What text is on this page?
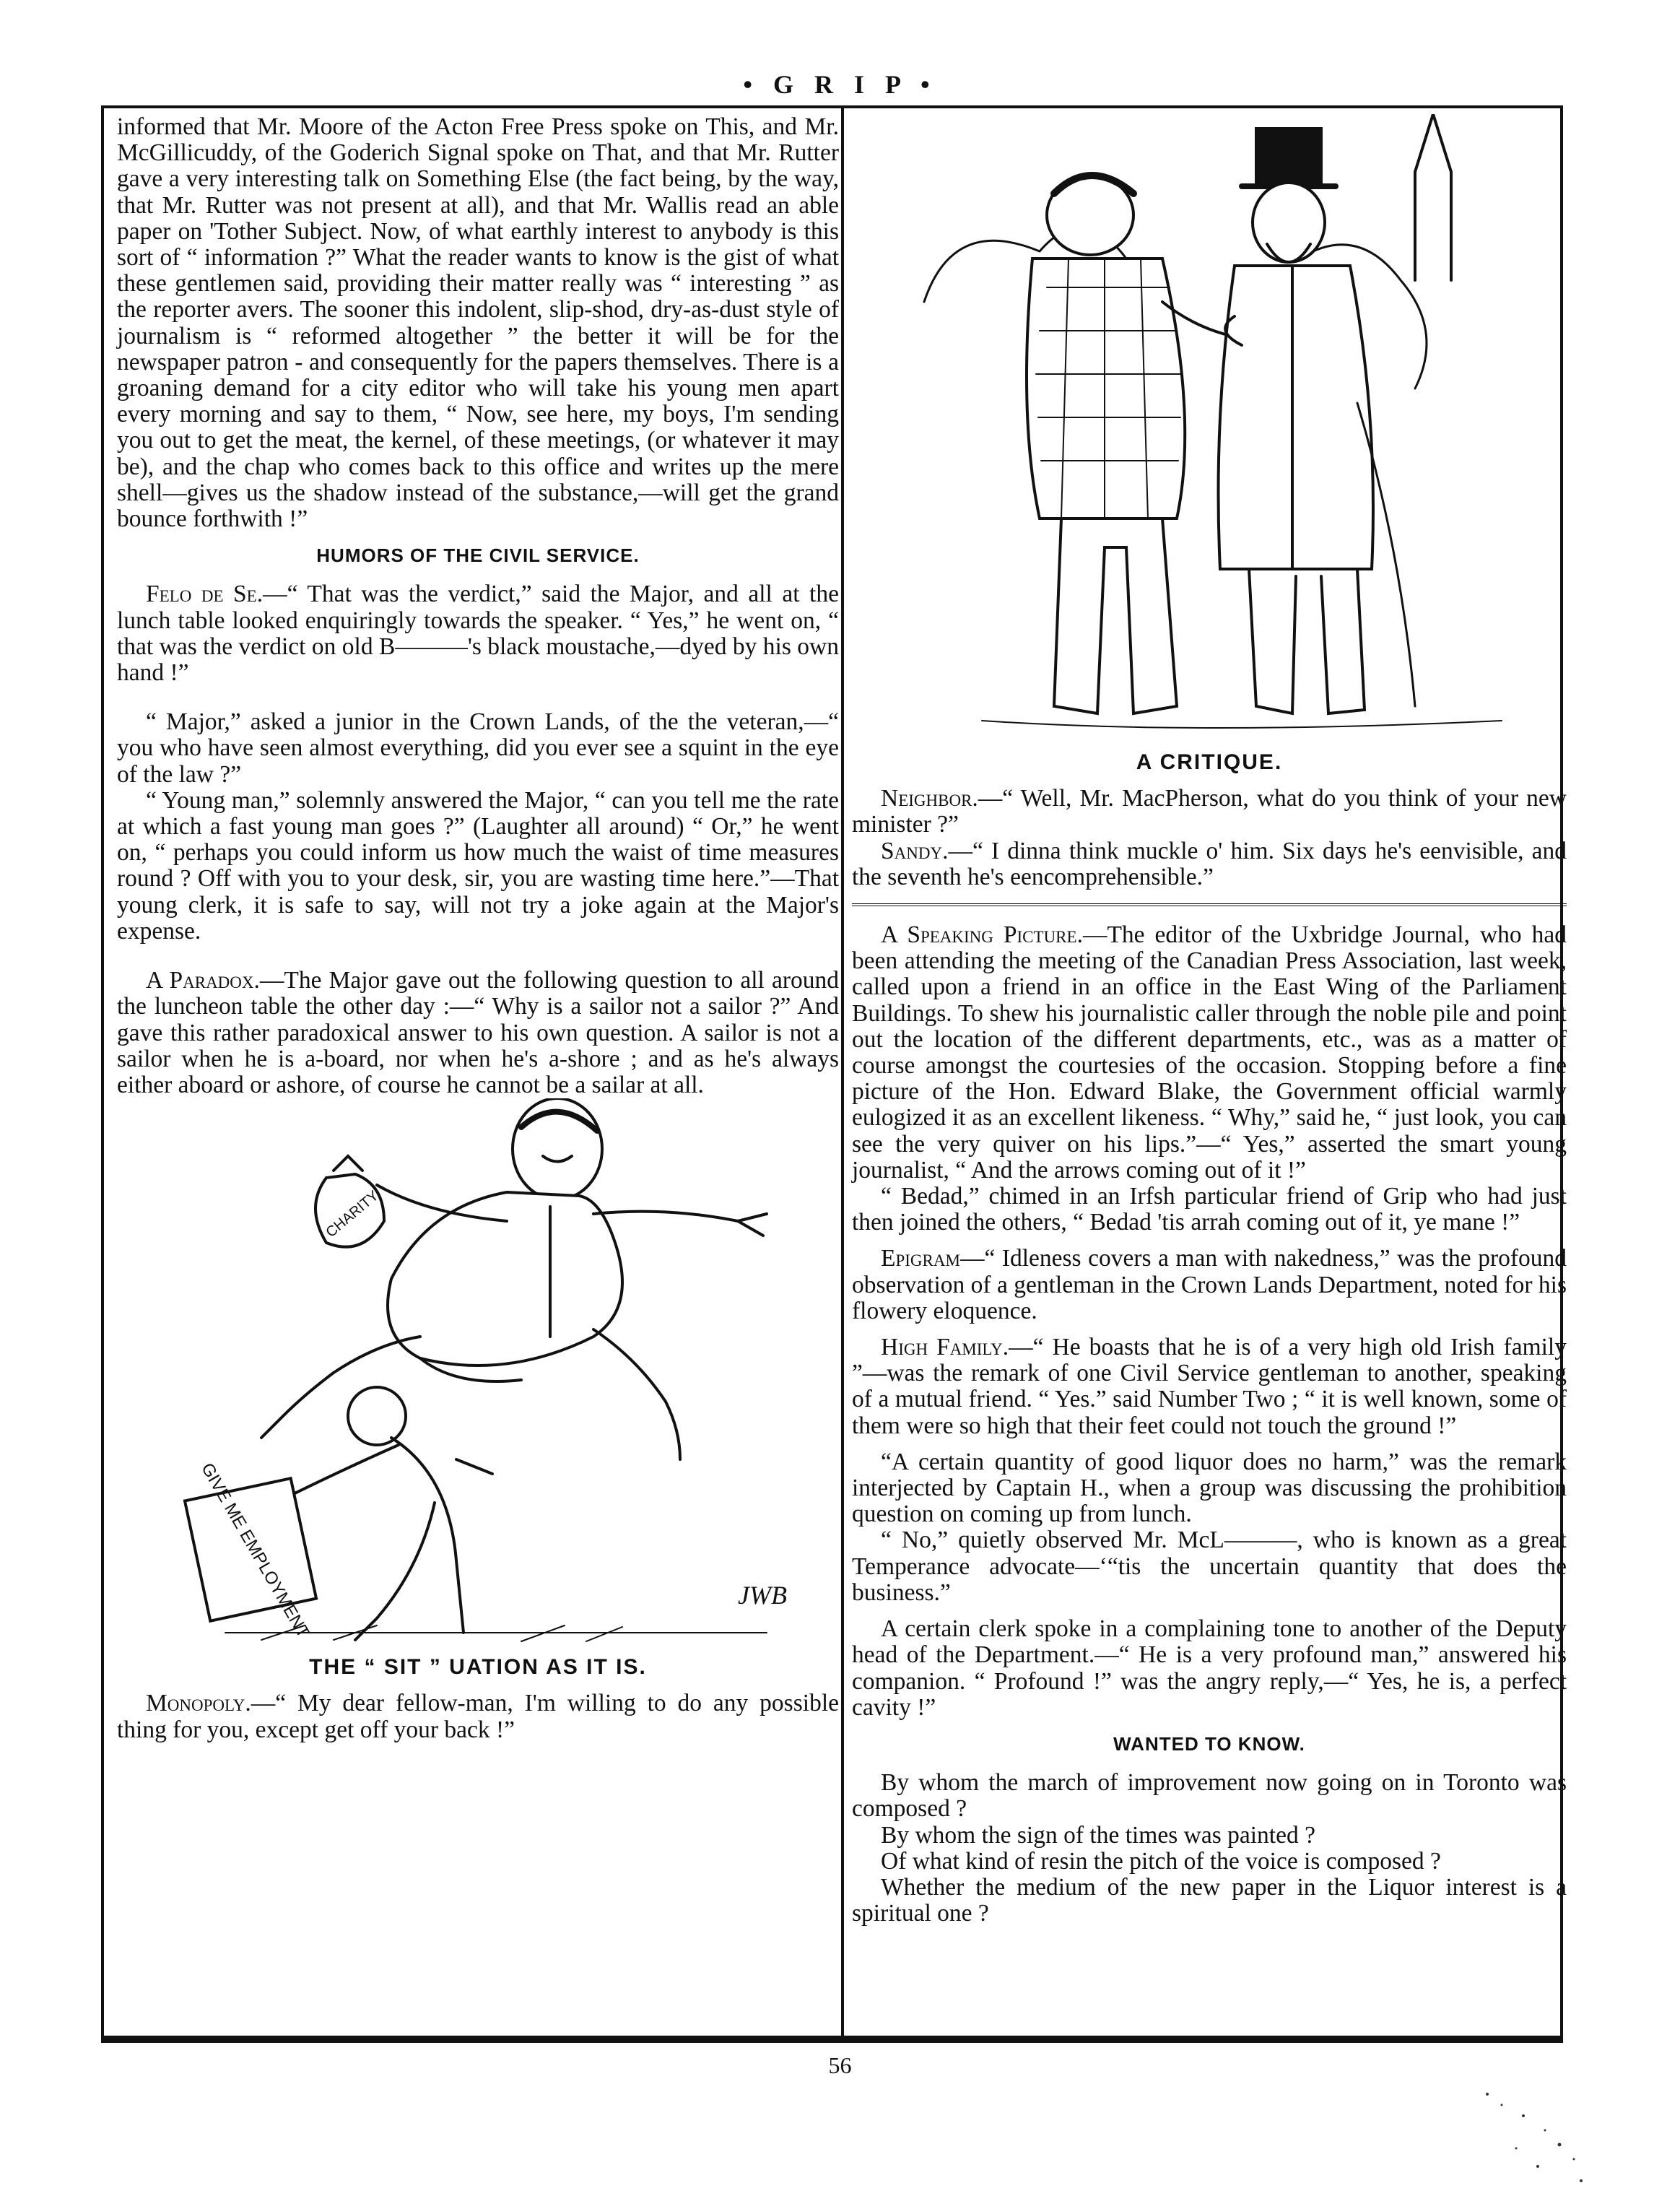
• G R I P •

informed that Mr. Moore of the Acton Free Press spoke on This, and Mr. McGillicuddy, of the Goderich Signal spoke on That, and that Mr. Rutter gave a very interesting talk on Something Else (the fact being, by the way, that Mr. Rutter was not present at all), and that Mr. Wallis read an able paper on 'Tother Subject. Now, of what earthly interest to anybody is this sort of “ information ?” What the reader wants to know is the gist of what these gentlemen said, providing their matter really was “ interesting ” as the reporter avers. The sooner this indolent, slip-shod, dry-as-dust style of journalism is “ reformed altogether ” the better it will be for the newspaper patron - and consequently for the papers themselves. There is a groaning demand for a city editor who will take his young men apart every morning and say to them, “ Now, see here, my boys, I'm sending you out to get the meat, the kernel, of these meetings, (or whatever it may be), and the chap who comes back to this office and writes up the mere shell—gives us the shadow instead of the substance,—will get the grand bounce forthwith !”

HUMORS OF THE CIVIL SERVICE.

Felo de Se.—“ That was the verdict,” said the Major, and all at the lunch table looked enquiringly towards the speaker. “ Yes,” he went on, “ that was the verdict on old B———'s black moustache,—dyed by his own hand !”

“ Major,” asked a junior in the Crown Lands, of the the veteran,—“ you who have seen almost everything, did you ever see a squint in the eye of the law ?”

“ Young man,” solemnly answered the Major, “ can you tell me the rate at which a fast young man goes ?” (Laughter all around) “ Or,” he went on, “ perhaps you could inform us how much the waist of time measures round ? Off with you to your desk, sir, you are wasting time here.”—That young clerk, it is safe to say, will not try a joke again at the Major's expense.

A Paradox.—The Major gave out the following question to all around the luncheon table the other day :—“ Why is a sailor not a sailor ?” And gave this rather paradoxical answer to his own question. A sailor is not a sailor when he is a-board, nor when he's a-shore ; and as he's always either aboard or ashore, of course he cannot be a sailar at all.

CHARITY
GIVE ME EMPLOYMENT	JWB
THE “ SIT ” UATION AS IT IS.

Monopoly.—“ My dear fellow-man, I'm willing to do any possible thing for you, except get off your back !”

A CRITIQUE.

Neighbor.—“ Well, Mr. MacPherson, what do you think of your new minister ?”

Sandy.—“ I dinna think muckle o' him. Six days he's eenvisible, and the seventh he's eencomprehensible.”

A Speaking Picture.—The editor of the Uxbridge Journal, who had been attending the meeting of the Canadian Press Association, last week, called upon a friend in an office in the East Wing of the Parliament Buildings. To shew his journalistic caller through the noble pile and point out the location of the different departments, etc., was as a matter of course amongst the courtesies of the occasion. Stopping before a fine picture of the Hon. Edward Blake, the Government official warmly eulogized it as an excellent likeness. “ Why,” said he, “ just look, you can see the very quiver on his lips.”—“ Yes,” asserted the smart young journalist, “ And the arrows coming out of it !”

“ Bedad,” chimed in an Irfsh particular friend of Grip who had just then joined the others, “ Bedad 'tis arrah coming out of it, ye mane !”

Epigram—“ Idleness covers a man with nakedness,” was the profound observation of a gentleman in the Crown Lands Department, noted for his flowery eloquence.

High Family.—“ He boasts that he is of a very high old Irish family ”—was the remark of one Civil Service gentleman to another, speaking of a mutual friend. “ Yes.” said Number Two ; “ it is well known, some of them were so high that their feet could not touch the ground !”

“A certain quantity of good liquor does no harm,” was the remark interjected by Captain H., when a group was discussing the prohibition question on coming up from lunch.

“ No,” quietly observed Mr. McL———, who is known as a great Temperance advocate—‘“tis the uncertain quantity that does the business.”

A certain clerk spoke in a complaining tone to another of the Deputy head of the Department.—“ He is a very profound man,” answered his companion. “ Profound !” was the angry reply,—“ Yes, he is, a perfect cavity !”

WANTED TO KNOW.

By whom the march of improvement now going on in Toronto was composed ?

By whom the sign of the times was painted ?

Of what kind of resin the pitch of the voice is composed ?

Whether the medium of the new paper in the Liquor interest is a spiritual one ?

56
